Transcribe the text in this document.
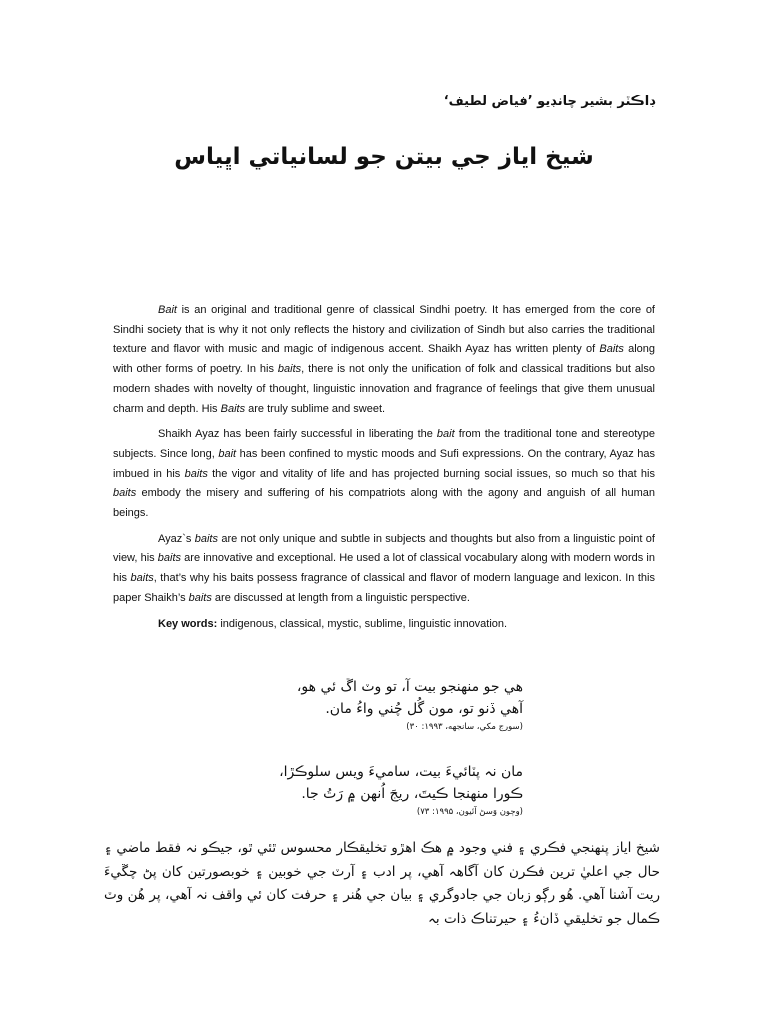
ڊاڪٽر بشير چانڊيو ’فياض لطيف‘
شيخ اياز جي بيتن جو لسانياتي اڀياس

Bait is an original and traditional genre of classical Sindhi poetry. It has emerged from the core of Sindhi society that is why it not only reflects the history and civilization of Sindh but also carries the traditional texture and flavor with music and magic of indigenous accent. Shaikh Ayaz has written plenty of Baits along with other forms of poetry. In his baits, there is not only the unification of folk and classical traditions but also modern shades with novelty of thought, linguistic innovation and fragrance of feelings that give them unusual charm and depth. His Baits are truly sublime and sweet.

Shaikh Ayaz has been fairly successful in liberating the bait from the traditional tone and stereotype subjects. Since long, bait has been confined to mystic moods and Sufi expressions. On the contrary, Ayaz has imbued in his baits the vigor and vitality of life and has projected burning social issues, so much so that his baits embody the misery and suffering of his compatriots along with the agony and anguish of all human beings.

Ayaz`s baits are not only unique and subtle in subjects and thoughts but also from a linguistic point of view, his baits are innovative and exceptional. He used a lot of classical vocabulary along with modern words in his baits, that’s why his baits possess fragrance of classical and flavor of modern language and lexicon. In this paper Shaikh’s baits are discussed at length from a linguistic perspective.

Key words: indigenous, classical, mystic, sublime, linguistic innovation.

هي جو منهنجو بيت آ، تو وٽ اڱ ئي هو،
آهي ڏنو تو، مون گُل چُني واءُ مان.
(سورج مکي، سانجهه، ۱۹۹۳: ۳۰)
مان نہ پٽائيءَ بيت، ساميءَ ويس سلوڪڙا،
ڪورا منهنجا ڪيتَ، ريجَ اُنهن ۾ رَتُ جا.
(وڄون وَسڻ آئيون، ۱۹۹۵: ۷۳)
شيخ اياز پنهنجي فڪري ۽ فني وجود ۾ هڪ اهڙو تخليقڪار محسوس ٿئي ٿو، جيڪو نہ فقط ماضي ۽ حال جي اعليٰ ترين فڪرن کان آگاهہ آهي، پر ادب ۽ آرٽ جي خوبين ۽ خوبصورتين کان پڻ چڱيءَ ريت آشنا آهي. هُو رڳو زبان جي جادوگري ۽ بيان جي هُنر ۽ حرفت کان ئي واقف نہ آهي، پر هُن وٽ ڪمال جو تخليقي ڏانءُ ۽ حيرتناڪ ذات بہ
